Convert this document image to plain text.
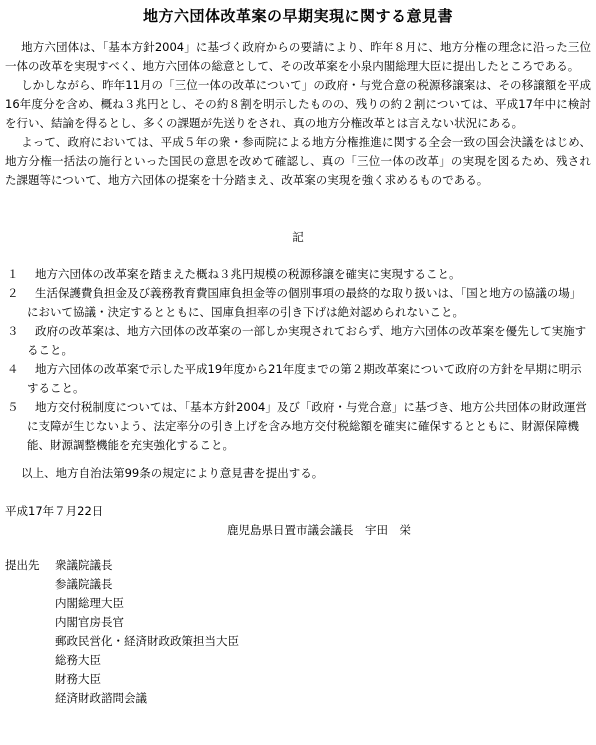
地方六団体改革案の早期実現に関する意見書

地方六団体は、「基本方針2004」に基づく政府からの要請により、昨年８月に、地方分権の理念に沿った三位一体の改革を実現すべく、地方六団体の総意として、その改革案を小泉内閣総理大臣に提出したところである。

しかしながら、昨年11月の「三位一体の改革について」の政府・与党合意の税源移譲案は、その移譲額を平成16年度分を含め、概ね３兆円とし、その約８割を明示したものの、残りの約２割については、平成17年中に検討を行い、結論を得るとし、多くの課題が先送りをされ、真の地方分権改革とは言えない状況にある。

よって、政府においては、平成５年の衆・参両院による地方分権推進に関する全会一致の国会決議をはじめ、地方分権一括法の施行といった国民の意思を改めて確認し、真の「三位一体の改革」の実現を図るため、残された課題等について、地方六団体の提案を十分踏まえ、改革案の実現を強く求めるものである。

記
１	地方六団体の改革案を踏まえた概ね３兆円規模の税源移譲を確実に実現すること。
２	生活保護費負担金及び義務教育費国庫負担金等の個別事項の最終的な取り扱いは、「国と地方の協議の場」において協議・決定するとともに、国庫負担率の引き下げは絶対認められないこと。
３	政府の改革案は、地方六団体の改革案の一部しか実現されておらず、地方六団体の改革案を優先して実施すること。
４	地方六団体の改革案で示した平成19年度から21年度までの第２期改革案について政府の方針を早期に明示すること。
５	地方交付税制度については、「基本方針2004」及び「政府・与党合意」に基づき、地方公共団体の財政運営に支障が生じないよう、法定率分の引き上げを含み地方交付税総額を確実に確保するとともに、財源保障機能、財源調整機能を充実強化すること。

以上、地方自治法第99条の規定により意見書を提出する。

平成17年７月22日

鹿児島県日置市議会議長　宇田　栄

提出先	衆議院議長
参議院議長
内閣総理大臣
内閣官房長官
郵政民営化・経済財政政策担当大臣
総務大臣
財務大臣
経済財政諮問会議
